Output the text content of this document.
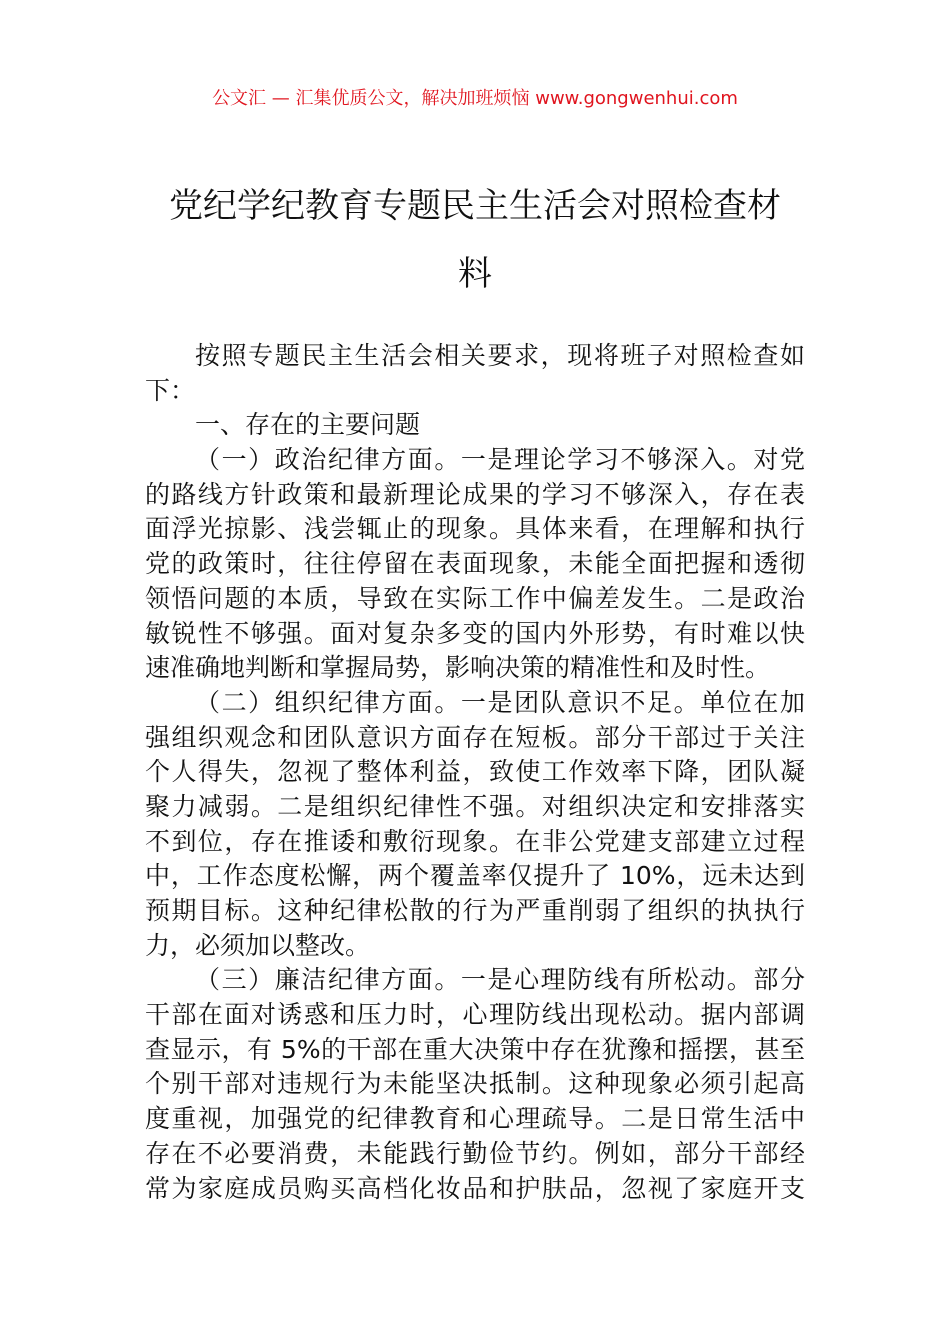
公文汇 — 汇集优质公文，解决加班烦恼 www.gongwenhui.com
党纪学纪教育专题民主生活会对照检查材
料
按照专题民主生活会相关要求，现将班子对照检查如
下：
一、存在的主要问题
（一）政治纪律方面。一是理论学习不够深入。对党
的路线方针政策和最新理论成果的学习不够深入，存在表
面浮光掠影、浅尝辄止的现象。具体来看，在理解和执行
党的政策时，往往停留在表面现象，未能全面把握和透彻
领悟问题的本质，导致在实际工作中偏差发生。二是政治
敏锐性不够强。面对复杂多变的国内外形势，有时难以快
速准确地判断和掌握局势，影响决策的精准性和及时性。
（二）组织纪律方面。一是团队意识不足。单位在加
强组织观念和团队意识方面存在短板。部分干部过于关注
个人得失，忽视了整体利益，致使工作效率下降，团队凝
聚力减弱。二是组织纪律性不强。对组织决定和安排落实
不到位，存在推诿和敷衍现象。在非公党建支部建立过程
中，工作态度松懈，两个覆盖率仅提升了 10%，远未达到
预期目标。这种纪律松散的行为严重削弱了组织的执执行
力，必须加以整改。
（三）廉洁纪律方面。一是心理防线有所松动。部分
干部在面对诱惑和压力时，心理防线出现松动。据内部调
查显示，有 5%的干部在重大决策中存在犹豫和摇摆，甚至
个别干部对违规行为未能坚决抵制。这种现象必须引起高
度重视，加强党的纪律教育和心理疏导。二是日常生活中
存在不必要消费，未能践行勤俭节约。例如，部分干部经
常为家庭成员购买高档化妆品和护肤品，忽视了家庭开支
